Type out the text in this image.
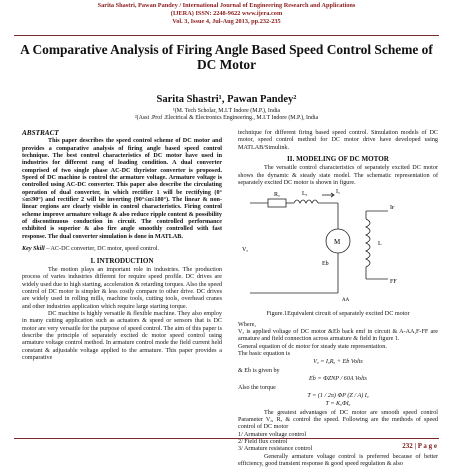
Sarita Shastri, Pawan Pandey / International Journal of Engineering Research and Applications
(IJERA) ISSN: 2248-9622 www.ijera.com
Vol. 3, Issue 4, Jul-Aug 2013, pp.232-235
A Comparative Analysis of Firing Angle Based Speed Control Scheme of DC Motor
Sarita Shastri¹, Pawan Pandey²
¹(M. Tech Scholar, M.I.T Indore (M.P.), India
²(Asst .Prof .Electrical & Electronics Engineering., M.I.T Indore (M.P.), India
ABSTRACT

This paper describes the speed control scheme of DC motor and provides a comparative analysis of firing angle based speed control technique. The best control characteristics of DC motor have used in industries for different rang of loading condition. A dual converter comprised of two single phase AC-DC thyristor converter is proposed. Speed of DC machine is control the armature voltage. Armature voltage is controlled using AC-DC converter. This paper also describe the circulating operation of dual converter, in which rectifier 1 will be rectifying (0° ≤α≤90°) and rectifier 2 will be inverting (90°≤α≤180°). The linear & non-linear regions are clearly visible in control characteristics. Firing control scheme improve armature voltage & also reduce ripple content & possibility of discontinuous conduction in circuit. The controlled performance exhibited is superior & also fire angle smoothly controlled with fast response. The dual converter simulation is done in MATLAB.

Key Skill – AC-DC converter, DC motor, speed control.

I. INTRODUCTION

The motion plays an important role in industries. The production process of varies industries different for require speed profile. DC drives are widely used due to high starting, acceleration & retarding torques. Also the speed control of DC motor is simpler & less costly compare to other drive. DC drives are widely used in rolling mills, machine tools, cutting tools, overhead cranes and other industries application which require large starting torque.

DC machine is highly versatile & flexible machine. They also employ in many cutting application such as actuators & speed or sensors that is DC motor are very versatile for the purpose of speed control. The aim of this paper is describe the principle of separately excited dc motor speed control using armature voltage control method. In armature control mode the field current held constant & adjustable voltage applied to the armature. This paper provides a comparative

technique for different firing based speed control. Simulation models of DC motor, speed control method for DC motor drive have developed using MATLAB/Simulink.

II. MODELING OF DC MOTOR

The versatile control characteristics of separately excited DC motor shows the dynamic & steady state model. The schematic representation of separately excited DC motor is shown in figure.

Rₐ	Lₐ	Iₐ
Vₐ
Eb
M
AA
L
Iғ
FF
Figure.1Equivalent circuit of separately excited DC motor

Where,

Vₐ is applied voltage of DC motor &Eb back emf in circuit & A-AA,F-FF are armature and field connection across armature & field in figure 1.

General equation of dc motor for steady state representation.

The basic equation is

Vₐ = IₐRₐ + Eb Volts

& Eb is given by

Eb = ΦZNP / 60A Volts

Also the torque

T = (1 / 2π) ΦP (Z / A) Iₐ
T = KₐΦIₐ

The greatest advantages of DC motor are smooth speed control Parameter Vₐ, Rₐ & control the speed. Following are the methods of speed control of DC motor

1/ Armature voltage control

2/ Field flux control

3/ Armature resistance control

Generally armature voltage control is preferred because of better efficiency, good transient response & good speed regulation & also

232 | P a g e
